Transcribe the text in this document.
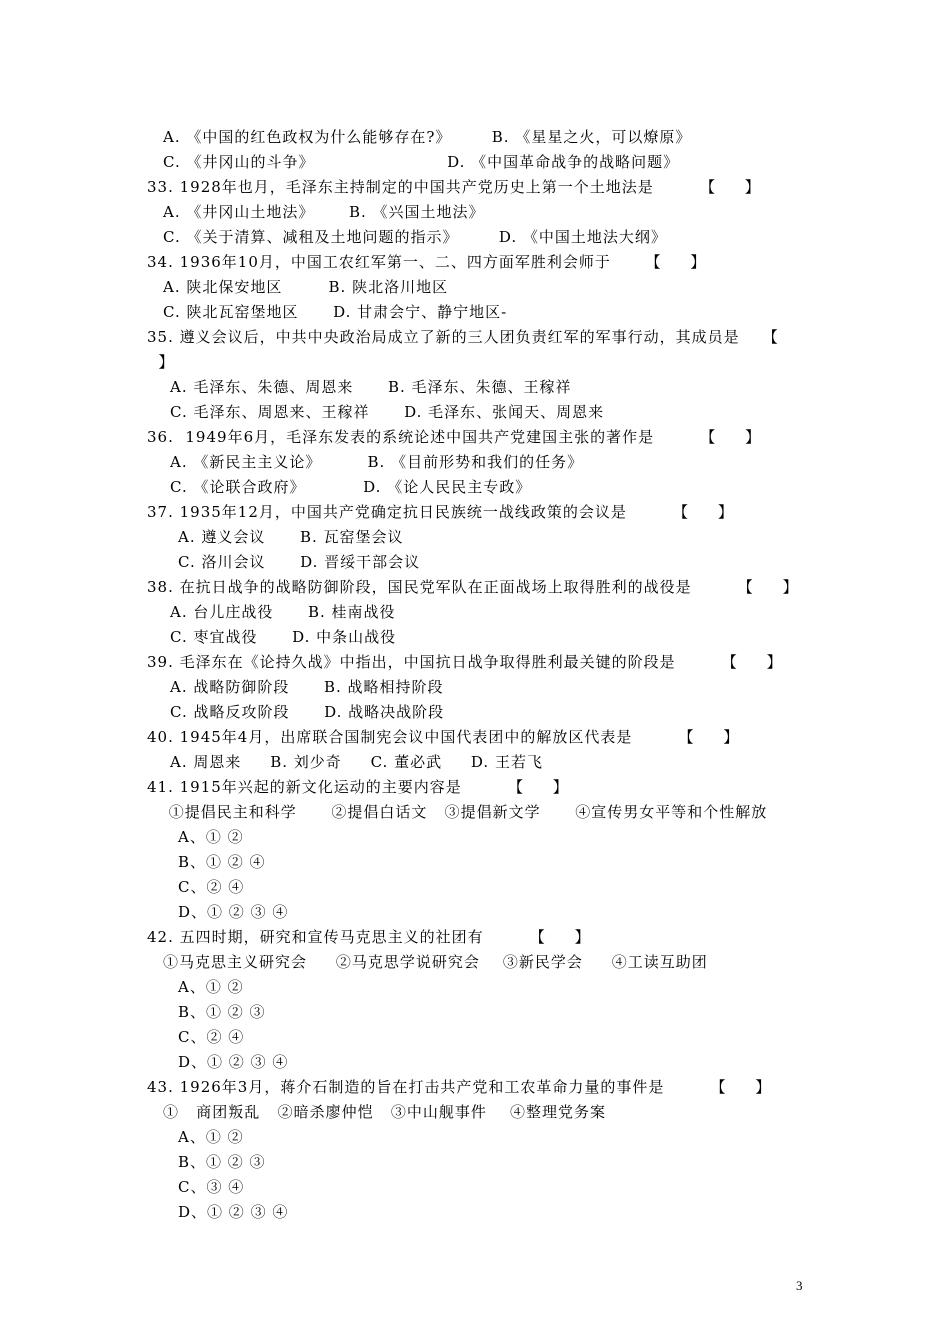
A. 《中国的红色政权为什么能够存在?》       B. 《星星之火，可以燎原》
C. 《井冈山的斗争》                       D. 《中国革命战争的战略问题》
33. 1928年也月，毛泽东主持制定的中国共产党历史上第一个土地法是        【     】
A. 《井冈山土地法》      B. 《兴国土地法》
C. 《关于清算、减租及土地问题的指示》       D. 《中国土地法大纲》
34. 1936年10月，中国工农红军第一、二、四方面军胜利会师于      【     】
A. 陕北保安地区        B. 陕北洛川地区
C. 陕北瓦窑堡地区      D. 甘肃会宁、静宁地区-
35. 遵义会议后，中共中央政治局成立了新的三人团负责红军的军事行动，其成员是    【
】
A. 毛泽东、朱德、周恩来      B. 毛泽东、朱德、王稼祥
C. 毛泽东、周恩来、王稼祥      D. 毛泽东、张闻天、周恩来
36.  1949年6月，毛泽东发表的系统论述中国共产党建国主张的著作是        【     】
A. 《新民主主义论》        B. 《目前形势和我们的任务》
C. 《论联合政府》          D. 《论人民民主专政》
37. 1935年12月，中国共产党确定抗日民族统一战线政策的会议是        【     】
A. 遵义会议      B. 瓦窑堡会议
C. 洛川会议      D. 晋绥干部会议
38. 在抗日战争的战略防御阶段，国民党军队在正面战场上取得胜利的战役是        【     】
A. 台儿庄战役      B. 桂南战役
C. 枣宜战役      D. 中条山战役
39. 毛泽东在《论持久战》中指出，中国抗日战争取得胜利最关键的阶段是        【     】
A. 战略防御阶段      B. 战略相持阶段
C. 战略反攻阶段      D. 战略决战阶段
40. 1945年4月，出席联合国制宪会议中国代表团中的解放区代表是        【     】
A. 周恩来     B. 刘少奇     C. 董必武     D. 王若飞
41. 1915年兴起的新文化运动的主要内容是        【     】
①提倡民主和科学      ②提倡白话文   ③提倡新文学      ④宣传男女平等和个性解放
A、① ②
B、① ② ④
C、② ④
D、① ② ③ ④
42. 五四时期，研究和宣传马克思主义的社团有        【     】
①马克思主义研究会     ②马克思学说研究会    ③新民学会     ④工读互助团
A、① ②
B、① ② ③
C、② ④
D、① ② ③ ④
43. 1926年3月，蒋介石制造的旨在打击共产党和工农革命力量的事件是        【     】
①   商团叛乱   ②暗杀廖仲恺   ③中山舰事件    ④整理党务案
A、① ②
B、① ② ③
C、③ ④
D、① ② ③ ④
3
